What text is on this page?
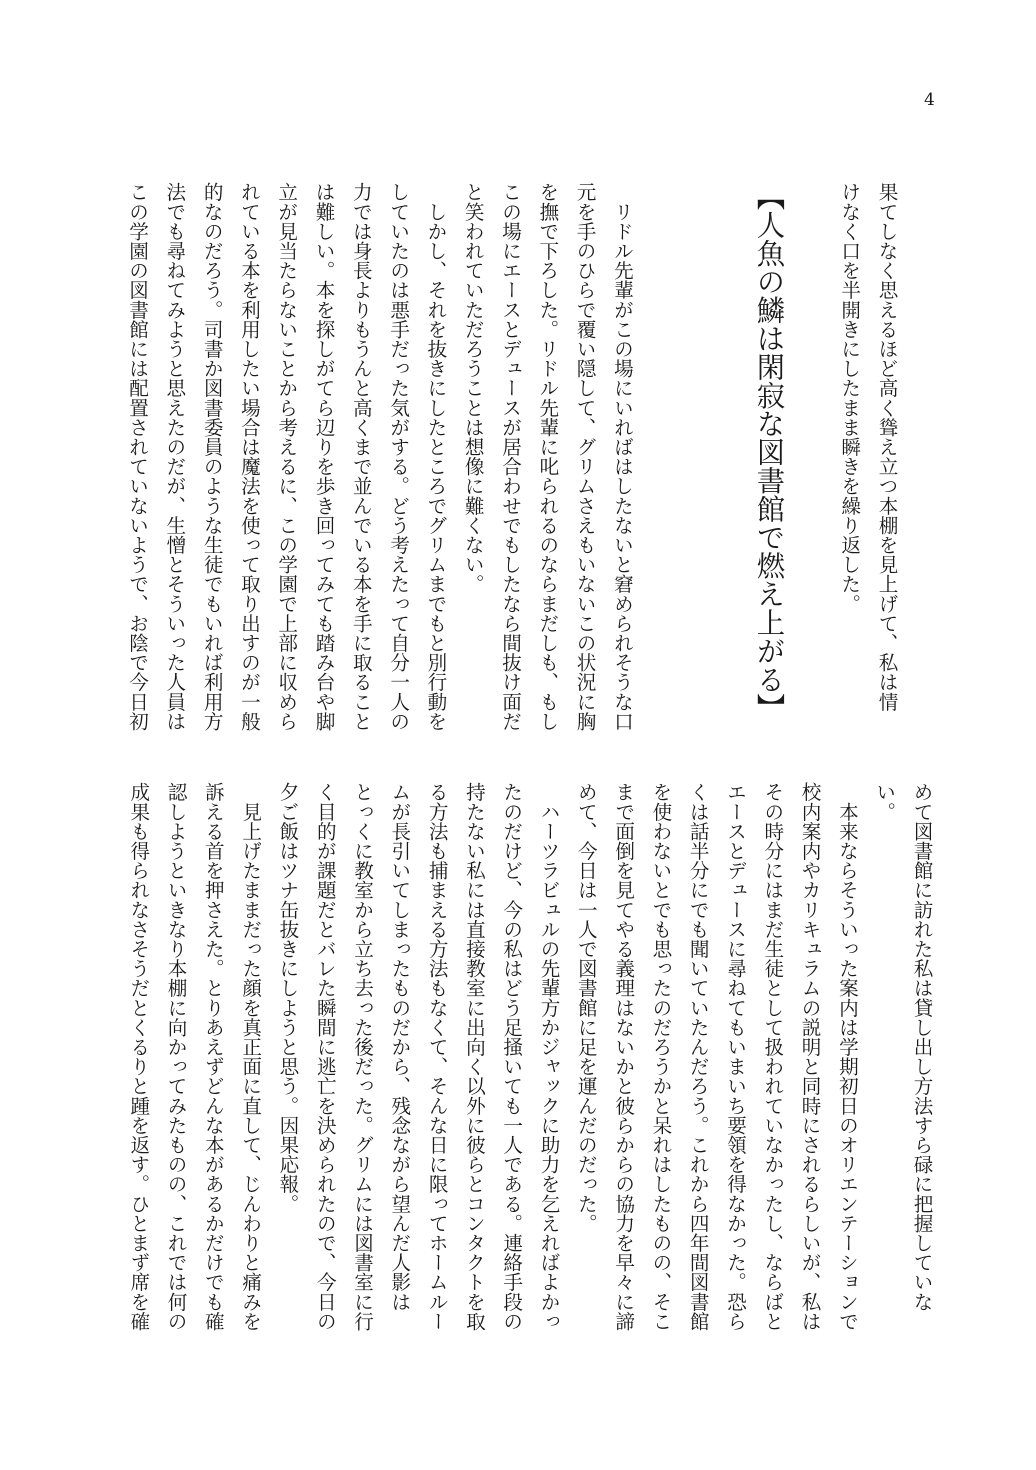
4
果てしなく思えるほど高く聳え立つ本棚を見上げて、私は情
けなく口を半開きにしたまま瞬きを繰り返した。
【人魚の鱗は閑寂な図書館で燃え上がる】
　リドル先輩がこの場にいればはしたないと窘められそうな口
元を手のひらで覆い隠して、グリムさえもいないこの状況に胸
を撫で下ろした。リドル先輩に叱られるのならまだしも、もし
この場にエースとデュースが居合わせでもしたなら間抜け面だ
と笑われていただろうことは想像に難くない。
　しかし、それを抜きにしたところでグリムまでもと別行動を
していたのは悪手だった気がする。どう考えたって自分一人の
力では身長よりもうんと高くまで並んでいる本を手に取ること
は難しい。本を探しがてら辺りを歩き回ってみても踏み台や脚
立が見当たらないことから考えるに、この学園で上部に収めら
れている本を利用したい場合は魔法を使って取り出すのが一般
的なのだろう。司書か図書委員のような生徒でもいれば利用方
法でも尋ねてみようと思えたのだが、生憎とそういった人員は
この学園の図書館には配置されていないようで、お陰で今日初
めて図書館に訪れた私は貸し出し方法すら碌に把握していな
い。
　本来ならそういった案内は学期初日のオリエンテーションで
校内案内やカリキュラムの説明と同時にされるらしいが、私は
その時分にはまだ生徒として扱われていなかったし、ならばと
エースとデュースに尋ねてもいまいち要領を得なかった。恐ら
くは話半分にでも聞いていたんだろう。これから四年間図書館
を使わないとでも思ったのだろうかと呆れはしたものの、そこ
まで面倒を見てやる義理はないかと彼らからの協力を早々に諦
めて、今日は一人で図書館に足を運んだのだった。
　ハーツラビュルの先輩方かジャックに助力を乞えればよかっ
たのだけど、今の私はどう足掻いても一人である。連絡手段の
持たない私には直接教室に出向く以外に彼らとコンタクトを取
る方法も捕まえる方法もなくて、そんな日に限ってホームルー
ムが長引いてしまったものだから、残念ながら望んだ人影は
とっくに教室から立ち去った後だった。グリムには図書室に行
く目的が課題だとバレた瞬間に逃亡を決められたので、今日の
夕ご飯はツナ缶抜きにしようと思う。因果応報。
　見上げたままだった顔を真正面に直して、じんわりと痛みを
訴える首を押さえた。とりあえずどんな本があるかだけでも確
認しようといきなり本棚に向かってみたものの、これでは何の
成果も得られなさそうだとくるりと踵を返す。ひとまず席を確
